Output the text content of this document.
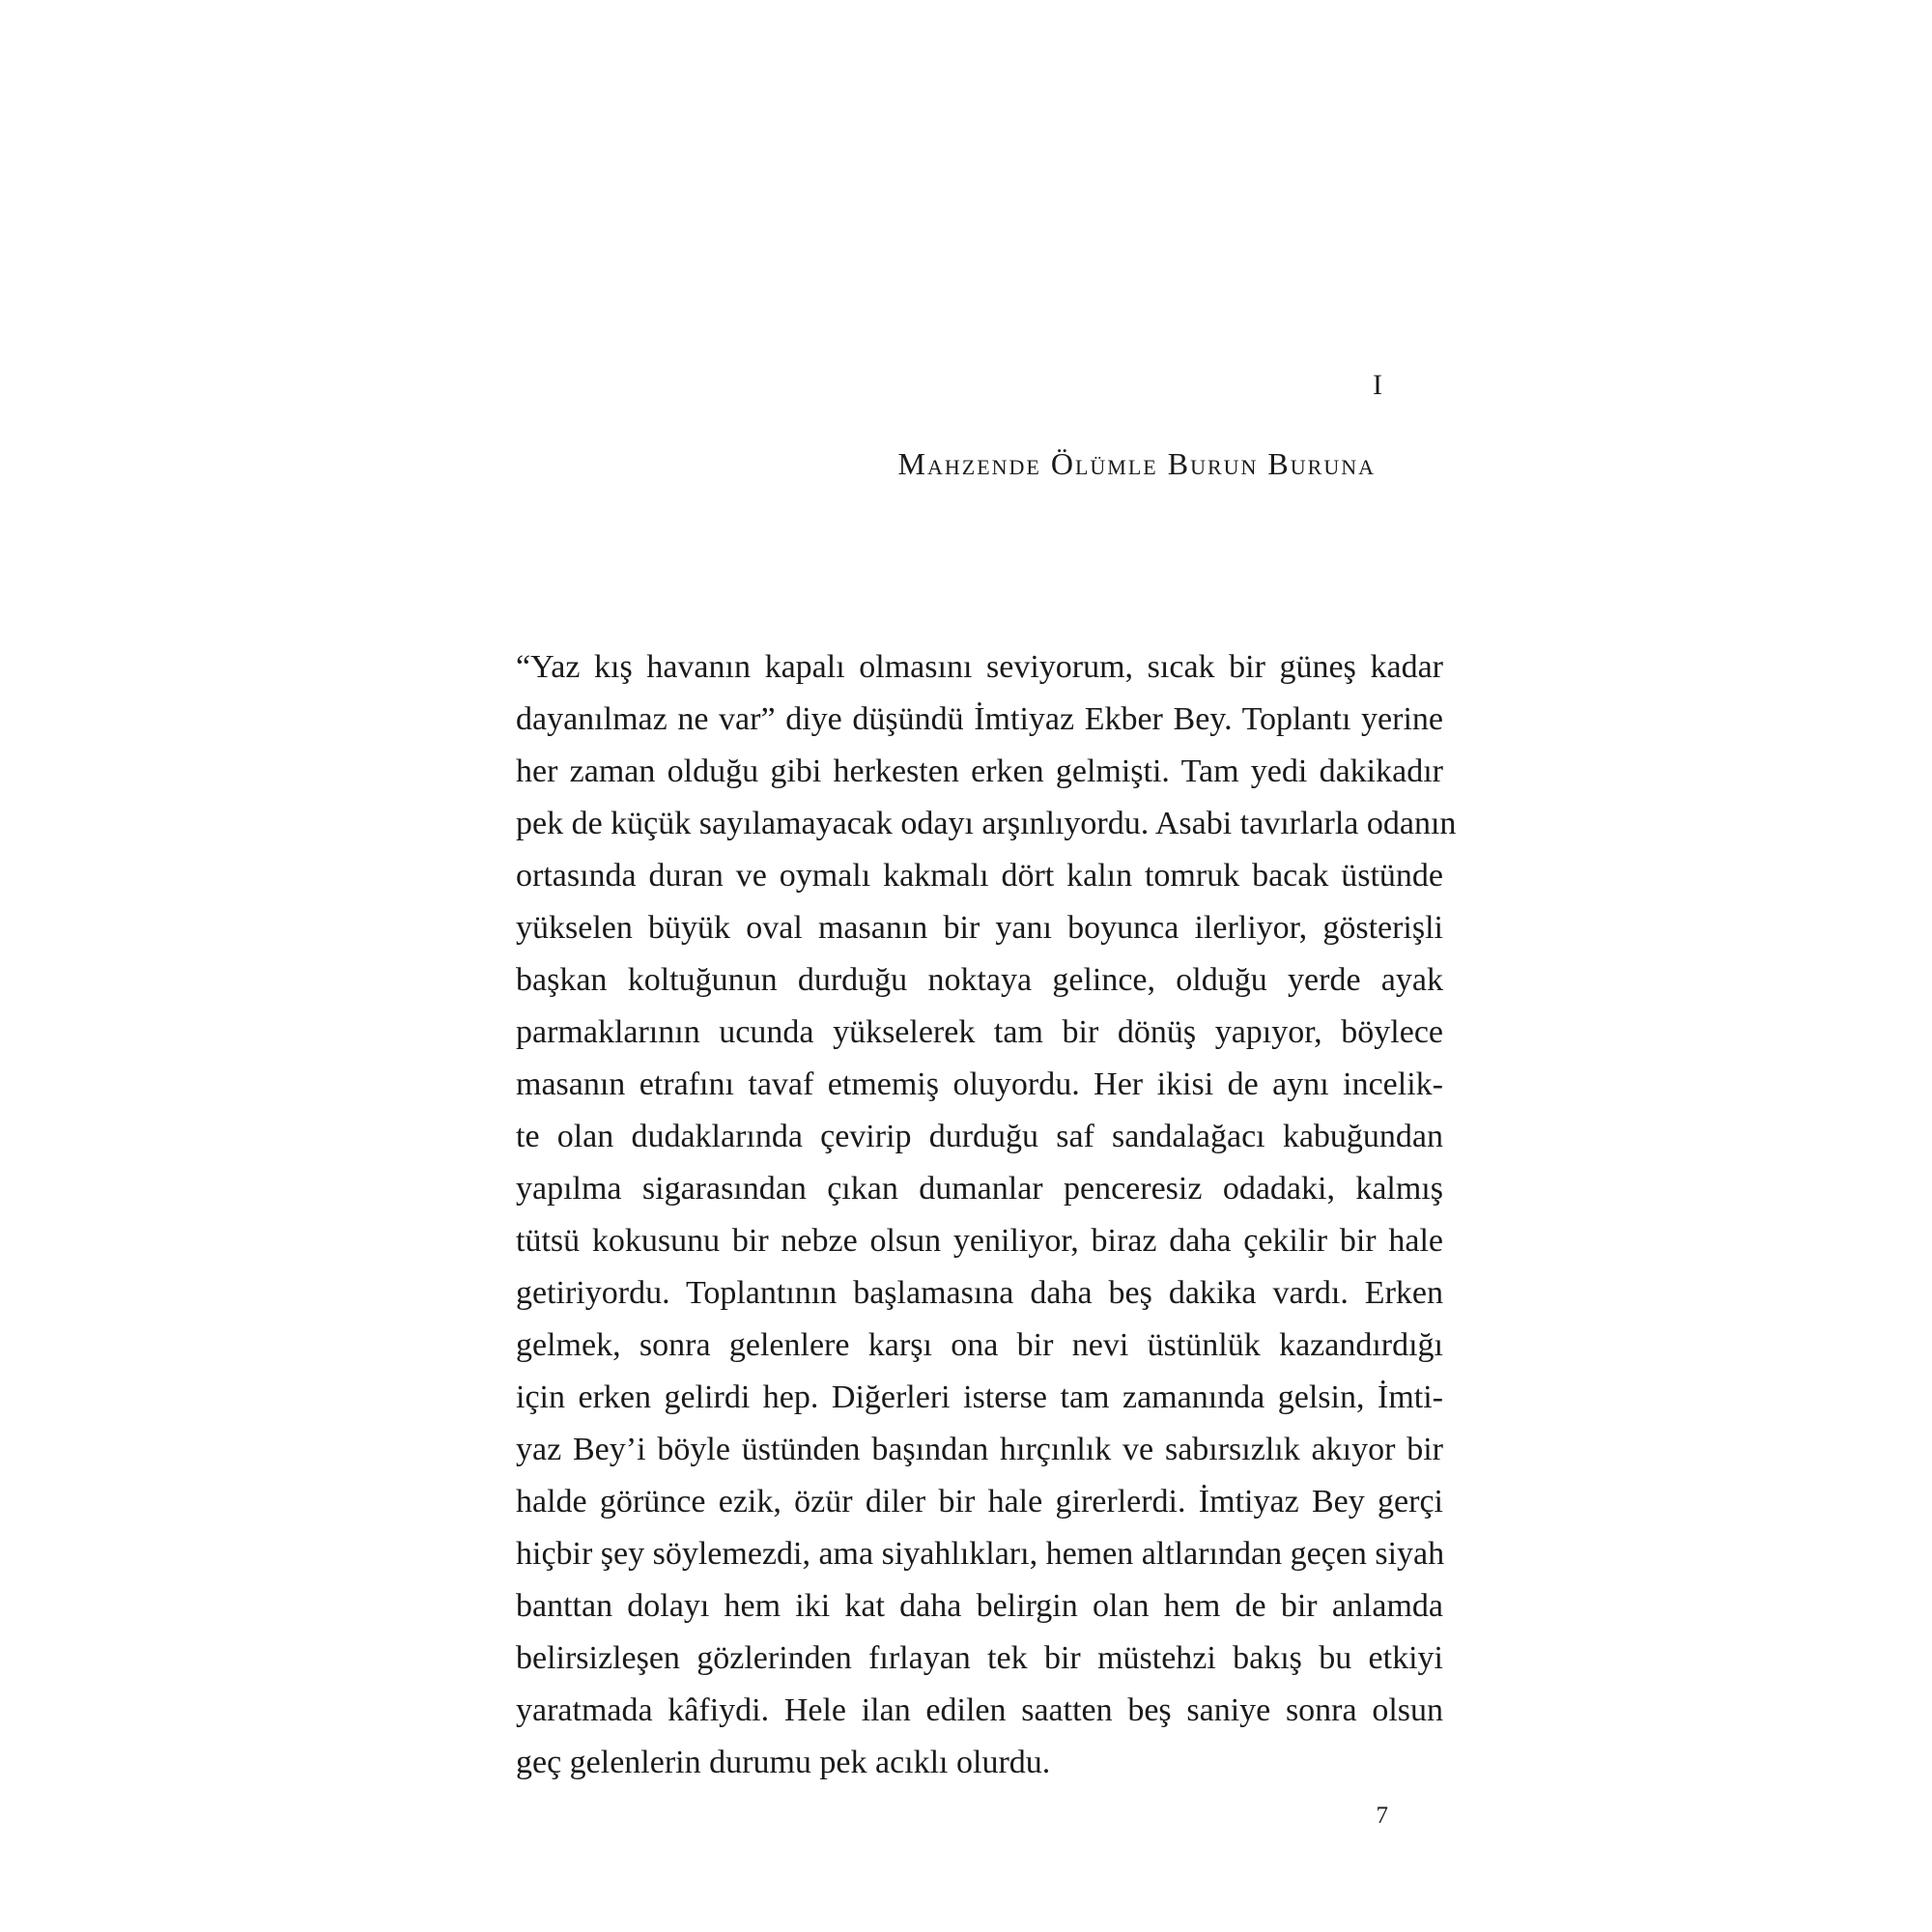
I
Mahzende Ölümle Burun Buruna
“Yaz kış havanın kapalı olmasını seviyorum, sıcak bir güneş kadar
dayanılmaz ne var” diye düşündü İmtiyaz Ekber Bey. Toplantı yerine
her zaman olduğu gibi herkesten erken gelmişti. Tam yedi dakikadır
pek de küçük sayılamayacak odayı arşınlıyordu. Asabi tavırlarla odanın
ortasında duran ve oymalı kakmalı dört kalın tomruk bacak üstünde
yükselen büyük oval masanın bir yanı boyunca ilerliyor, gösterişli
başkan koltuğunun durduğu noktaya gelince, olduğu yerde ayak
parmaklarının ucunda yükselerek tam bir dönüş yapıyor, böylece
masanın etrafını tavaf etmemiş oluyordu. Her ikisi de aynı incelik-
te olan dudaklarında çevirip durduğu saf sandalağacı kabuğundan
yapılma sigarasından çıkan dumanlar penceresiz odadaki, kalmış
tütsü kokusunu bir nebze olsun yeniliyor, biraz daha çekilir bir hale
getiriyordu. Toplantının başlamasına daha beş dakika vardı. Erken
gelmek, sonra gelenlere karşı ona bir nevi üstünlük kazandırdığı
için erken gelirdi hep. Diğerleri isterse tam zamanında gelsin, İmti-
yaz Bey’i böyle üstünden başından hırçınlık ve sabırsızlık akıyor bir
halde görünce ezik, özür diler bir hale girerlerdi. İmtiyaz Bey gerçi
hiçbir şey söylemezdi, ama siyahlıkları, hemen altlarından geçen siyah
banttan dolayı hem iki kat daha belirgin olan hem de bir anlamda
belirsizleşen gözlerinden fırlayan tek bir müstehzi bakış bu etkiyi
yaratmada kâfiydi. Hele ilan edilen saatten beş saniye sonra olsun
geç gelenlerin durumu pek acıklı olurdu.
7
